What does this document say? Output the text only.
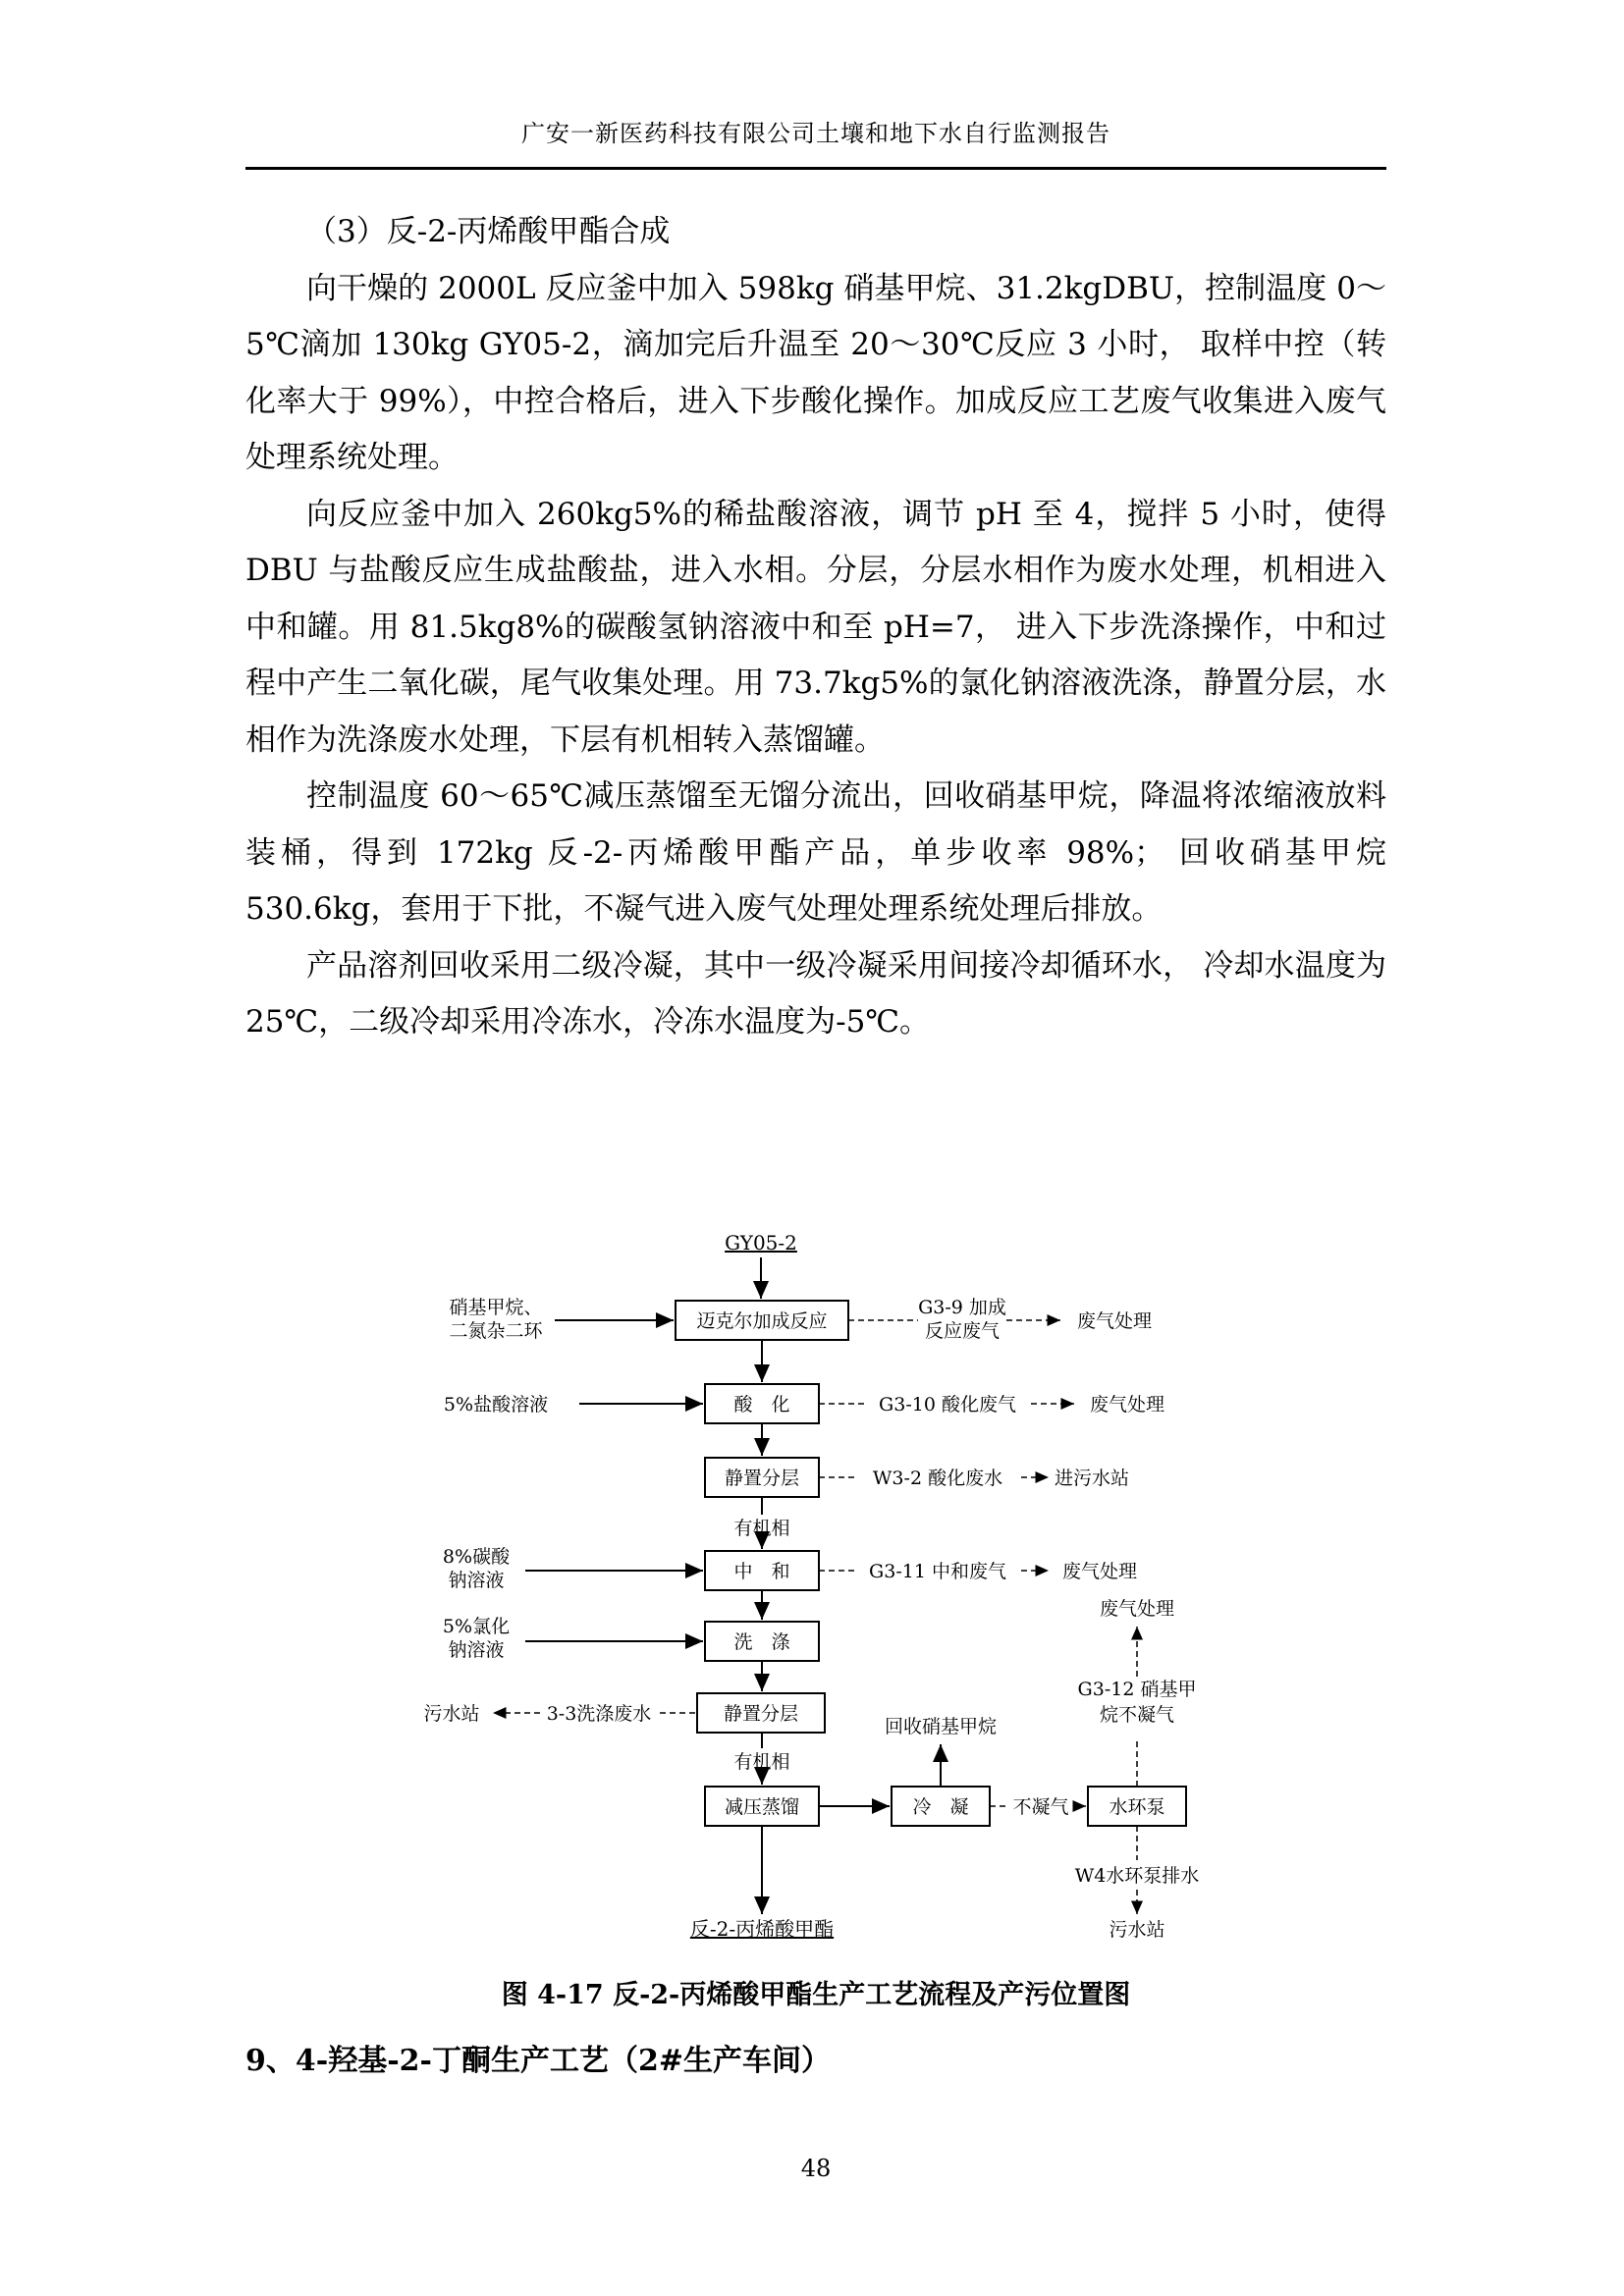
广安一新医药科技有限公司土壤和地下水自行监测报告

（3）反-2-丙烯酸甲酯合成

向干燥的 2000L 反应釜中加入 598kg 硝基甲烷、31.2kgDBU，控制温度 0～5℃滴加 130kg GY05-2，滴加完后升温至 20～30℃反应 3 小时， 取样中控（转化率大于 99%），中控合格后，进入下步酸化操作。加成反应工艺废气收集进入废气处理系统处理。

向反应釜中加入 260kg5%的稀盐酸溶液，调节 pH 至 4，搅拌 5 小时，使得DBU 与盐酸反应生成盐酸盐，进入水相。分层，分层水相作为废水处理，机相进入中和罐。用 81.5kg8%的碳酸氢钠溶液中和至 pH=7， 进入下步洗涤操作，中和过程中产生二氧化碳，尾气收集处理。用 73.7kg5%的氯化钠溶液洗涤，静置分层，水相作为洗涤废水处理，下层有机相转入蒸馏罐。

控制温度 60～65℃减压蒸馏至无馏分流出，回收硝基甲烷，降温将浓缩液放料装桶，得到 172kg 反-2-丙烯酸甲酯产品，单步收率 98%； 回收硝基甲烷 530.6kg，套用于下批，不凝气进入废气处理处理系统处理后排放。

产品溶剂回收采用二级冷凝，其中一级冷凝采用间接冷却循环水， 冷却水温度为 25℃，二级冷却采用冷冻水，冷冻水温度为-5℃。

GY05-2
迈克尔加成反应
酸　化
静置分层
有机相
中　和
洗　涤
静置分层
有机相
减压蒸馏	冷　凝	水环泵
反-2-丙烯酸甲酯
硝基甲烷、
二氮杂二环
5%盐酸溶液
8%碳酸
钠溶液
5%氯化
钠溶液
G3-9 加成
反应废气	废气处理
G3-10 酸化废气	废气处理
W3-2 酸化废水	进污水站
G3-11 中和废气	废气处理
3-3洗涤废水
污水站
回收硝基甲烷
不凝气
G3-12 硝基甲
烷不凝气
废气处理
W4水环泵排水
污水站
图 4-17 反-2-丙烯酸甲酯生产工艺流程及产污位置图
9、4-羟基-2-丁酮生产工艺（2#生产车间）
48
